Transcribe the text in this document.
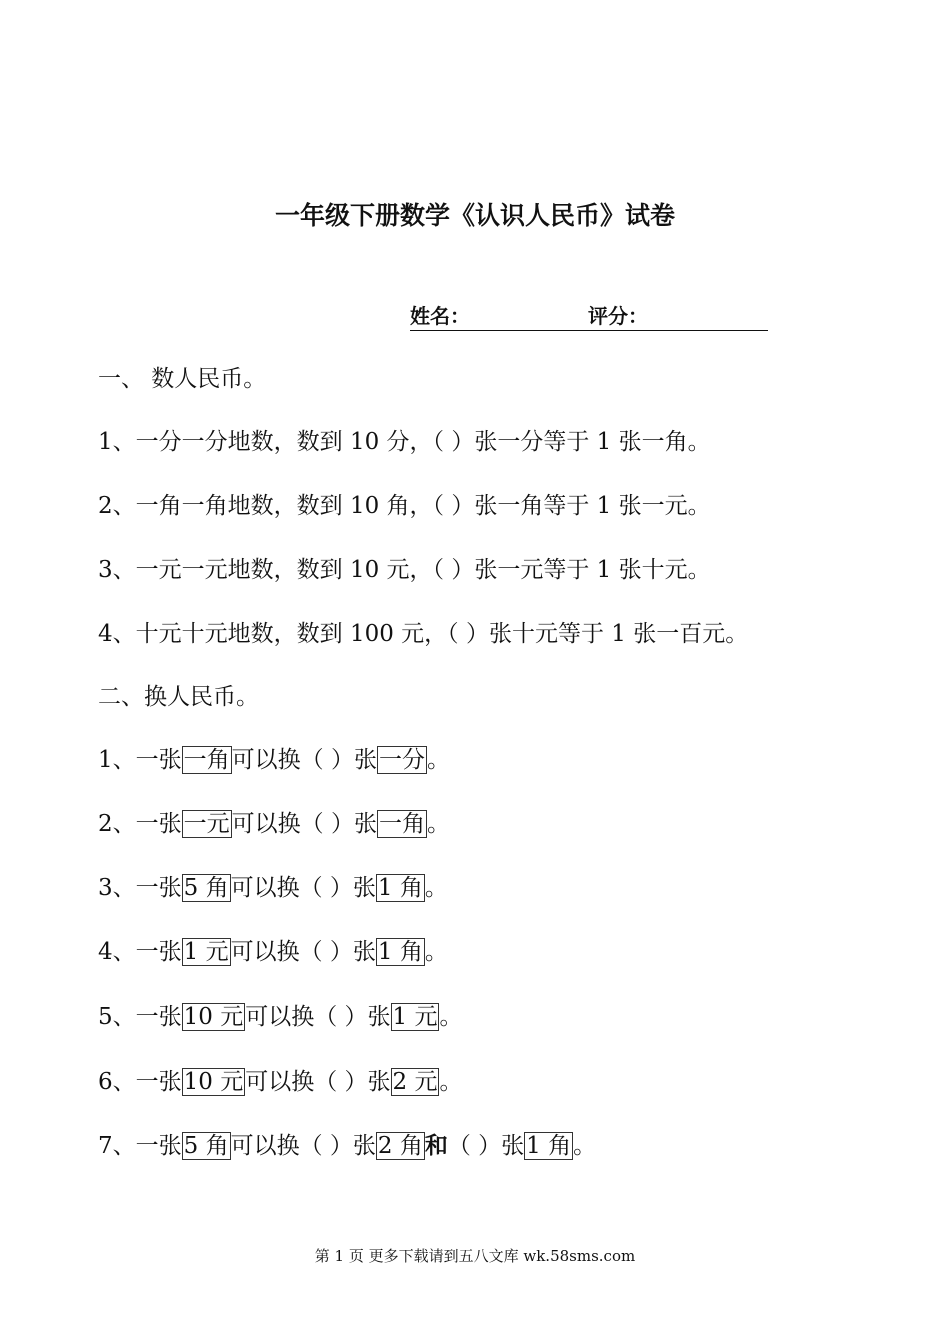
一年级下册数学《认识人民币》试卷
姓名：	评分：
一、 数人民币。
1、一分一分地数，数到 10 分，（ ）张一分等于 1 张一角。
2、一角一角地数，数到 10 角，（ ）张一角等于 1 张一元。
3、一元一元地数，数到 10 元，（ ）张一元等于 1 张十元。
4、十元十元地数，数到 100 元，（ ）张十元等于 1 张一百元。
二、换人民币。
1、一张一角可以换（ ）张一分。
2、一张一元可以换（ ）张一角。
3、一张5 角可以换（ ）张1 角。
4、一张1 元可以换（ ）张1 角。
5、一张10 元可以换（ ）张1 元。
6、一张10 元可以换（ ）张2 元。
7、一张5 角可以换（ ）张2 角和（ ）张1 角。
第 1 页 更多下载请到五八文库 wk.58sms.com
